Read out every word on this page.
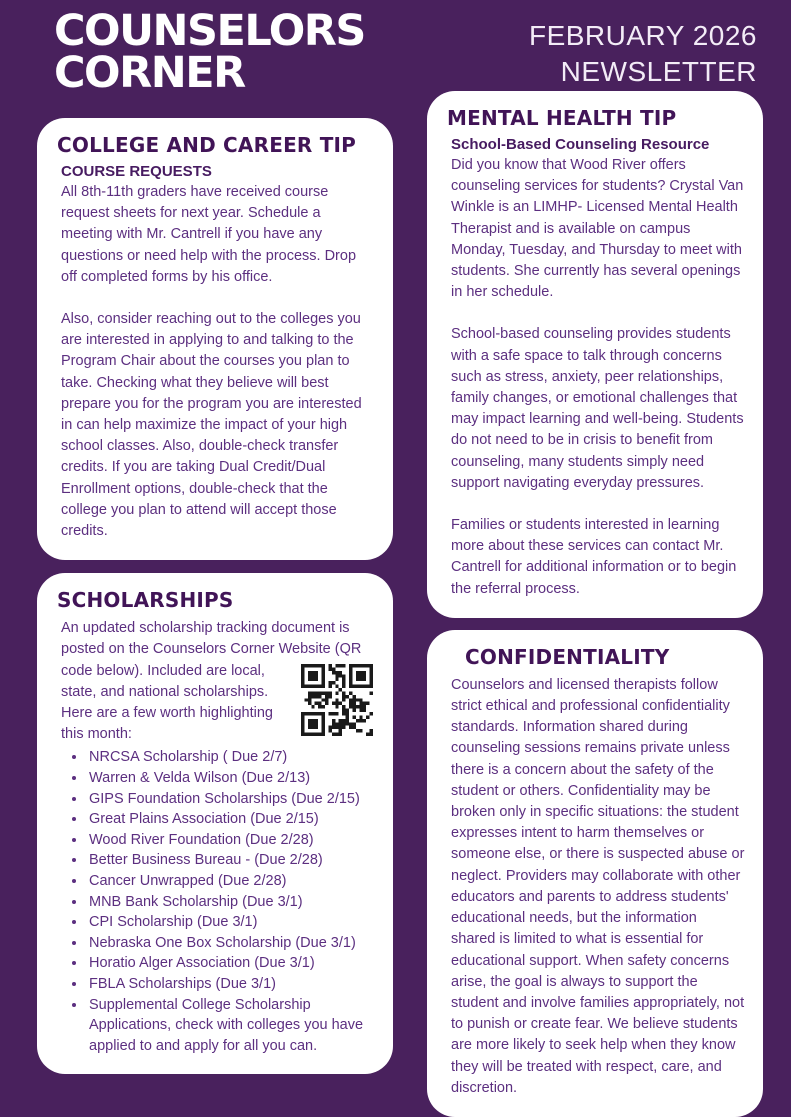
COUNSELORS
CORNER
FEBRUARY 2026
NEWSLETTER
COLLEGE AND CAREER TIP
COURSE REQUESTS

All 8th-11th graders have received course request sheets for next year. Schedule a meeting with Mr. Cantrell if you have any questions or need help with the process. Drop off completed forms by his office.

Also, consider reaching out to the colleges you are interested in applying to and talking to the Program Chair about the courses you plan to take. Checking what they believe will best prepare you for the program you are interested in can help maximize the impact of your high school classes. Also, double-check transfer credits. If you are taking Dual Credit/Dual Enrollment options, double-check that the college you plan to attend will accept those credits.

SCHOLARSHIPS

An updated scholarship tracking document is posted on the Counselors Corner Website (QR code below). Included are local, state, and national scholarships. Here are a few worth highlighting this month:

• NRCSA Scholarship ( Due 2/7)
• Warren & Velda Wilson (Due 2/13)
• GIPS Foundation Scholarships (Due 2/15)
• Great Plains Association (Due 2/15)
• Wood River Foundation (Due 2/28)
• Better Business Bureau - (Due 2/28)
• Cancer Unwrapped (Due 2/28)
• MNB Bank Scholarship (Due 3/1)
• CPI Scholarship (Due 3/1)
• Nebraska One Box Scholarship (Due 3/1)
• Horatio Alger Association (Due 3/1)
• FBLA Scholarships (Due 3/1)
• Supplemental College Scholarship Applications, check with colleges you have applied to and apply for all you can.
MENTAL HEALTH TIP
School-Based Counseling Resource

Did you know that Wood River offers counseling services for students? Crystal Van Winkle is an LIMHP- Licensed Mental Health Therapist and is available on campus Monday, Tuesday, and Thursday to meet with students. She currently has several openings in her schedule.

School-based counseling provides students with a safe space to talk through concerns such as stress, anxiety, peer relationships, family changes, or emotional challenges that may impact learning and well-being. Students do not need to be in crisis to benefit from counseling, many students simply need support navigating everyday pressures.

Families or students interested in learning more about these services can contact Mr. Cantrell for additional information or to begin the referral process.

CONFIDENTIALITY

Counselors and licensed therapists follow strict ethical and professional confidentiality standards. Information shared during counseling sessions remains private unless there is a concern about the safety of the student or others. Confidentiality may be broken only in specific situations: the student expresses intent to harm themselves or someone else, or there is suspected abuse or neglect. Providers may collaborate with other educators and parents to address students' educational needs, but the information shared is limited to what is essential for educational support. When safety concerns arise, the goal is always to support the student and involve families appropriately, not to punish or create fear. We believe students are more likely to seek help when they know they will be treated with respect, care, and discretion.
